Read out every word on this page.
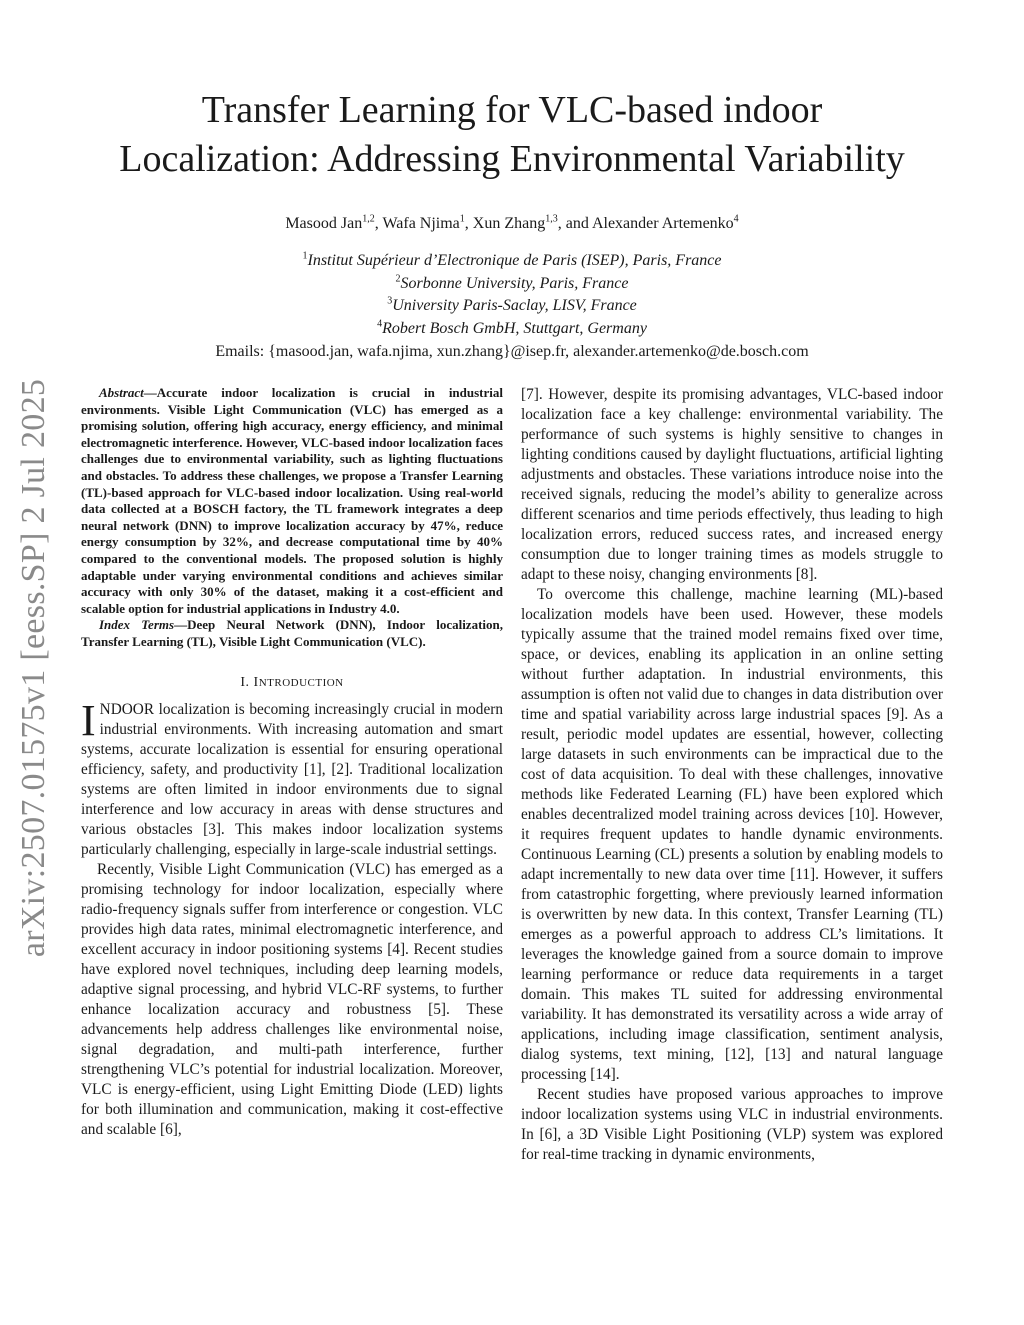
arXiv:2507.01575v1 [eess.SP] 2 Jul 2025
Transfer Learning for VLC-based indoor
Localization: Addressing Environmental Variability
Masood Jan$^{1,2}$, Wafa Njima$^1$, Xun Zhang$^{1,3}$, and Alexander Artemenko$^4$
$^1$Institut Supérieur d’Electronique de Paris (ISEP), Paris, France
$^2$Sorbonne University, Paris, France
$^3$University Paris-Saclay, LISV, France
$^4$Robert Bosch GmbH, Stuttgart, Germany
Emails: {masood.jan, wafa.njima, xun.zhang}@isep.fr, alexander.artemenko@de.bosch.com

Abstract—Accurate indoor localization is crucial in industrial environments. Visible Light Communication (VLC) has emerged as a promising solution, offering high accuracy, energy efficiency, and minimal electromagnetic interference. However, VLC-based indoor localization faces challenges due to environmental variability, such as lighting fluctuations and obstacles. To address these challenges, we propose a Transfer Learning (TL)-based approach for VLC-based indoor localization. Using real-world data collected at a BOSCH factory, the TL framework integrates a deep neural network (DNN) to improve localization accuracy by 47%, reduce energy consumption by 32%, and decrease computational time by 40% compared to the conventional models. The proposed solution is highly adaptable under varying environmental conditions and achieves similar accuracy with only 30% of the dataset, making it a cost-efficient and scalable option for industrial applications in Industry 4.0.

Index Terms—Deep Neural Network (DNN), Indoor localization, Transfer Learning (TL), Visible Light Communication (VLC).

I. INTRODUCTION

INDOOR localization is becoming increasingly crucial in modern industrial environments. With increasing automation and smart systems, accurate localization is essential for ensuring operational efficiency, safety, and productivity [1], [2]. Traditional localization systems are often limited in indoor environments due to signal interference and low accuracy in areas with dense structures and various obstacles [3]. This makes indoor localization systems particularly challenging, especially in large-scale industrial settings.

Recently, Visible Light Communication (VLC) has emerged as a promising technology for indoor localization, especially where radio-frequency signals suffer from interference or congestion. VLC provides high data rates, minimal electromagnetic interference, and excellent accuracy in indoor positioning systems [4]. Recent studies have explored novel techniques, including deep learning models, adaptive signal processing, and hybrid VLC-RF systems, to further enhance localization accuracy and robustness [5]. These advancements help address challenges like environmental noise, signal degradation, and multi-path interference, further strengthening VLC’s potential for industrial localization. Moreover, VLC is energy-efficient, using Light Emitting Diode (LED) lights for both illumination and communication, making it cost-effective and scalable [6],

[7]. However, despite its promising advantages, VLC-based indoor localization face a key challenge: environmental variability. The performance of such systems is highly sensitive to changes in lighting conditions caused by daylight fluctuations, artificial lighting adjustments and obstacles. These variations introduce noise into the received signals, reducing the model’s ability to generalize across different scenarios and time periods effectively, thus leading to high localization errors, reduced success rates, and increased energy consumption due to longer training times as models struggle to adapt to these noisy, changing environments [8].

To overcome this challenge, machine learning (ML)-based localization models have been used. However, these models typically assume that the trained model remains fixed over time, space, or devices, enabling its application in an online setting without further adaptation. In industrial environments, this assumption is often not valid due to changes in data distribution over time and spatial variability across large industrial spaces [9]. As a result, periodic model updates are essential, however, collecting large datasets in such environments can be impractical due to the cost of data acquisition. To deal with these challenges, innovative methods like Federated Learning (FL) have been explored which enables decentralized model training across devices [10]. However, it requires frequent updates to handle dynamic environments. Continuous Learning (CL) presents a solution by enabling models to adapt incrementally to new data over time [11]. However, it suffers from catastrophic forgetting, where previously learned information is overwritten by new data. In this context, Transfer Learning (TL) emerges as a powerful approach to address CL’s limitations. It leverages the knowledge gained from a source domain to improve learning performance or reduce data requirements in a target domain. This makes TL suited for addressing environmental variability. It has demonstrated its versatility across a wide array of applications, including image classification, sentiment analysis, dialog systems, text mining, [12], [13] and natural language processing [14].

Recent studies have proposed various approaches to improve indoor localization systems using VLC in industrial environments. In [6], a 3D Visible Light Positioning (VLP) system was explored for real-time tracking in dynamic environments,
